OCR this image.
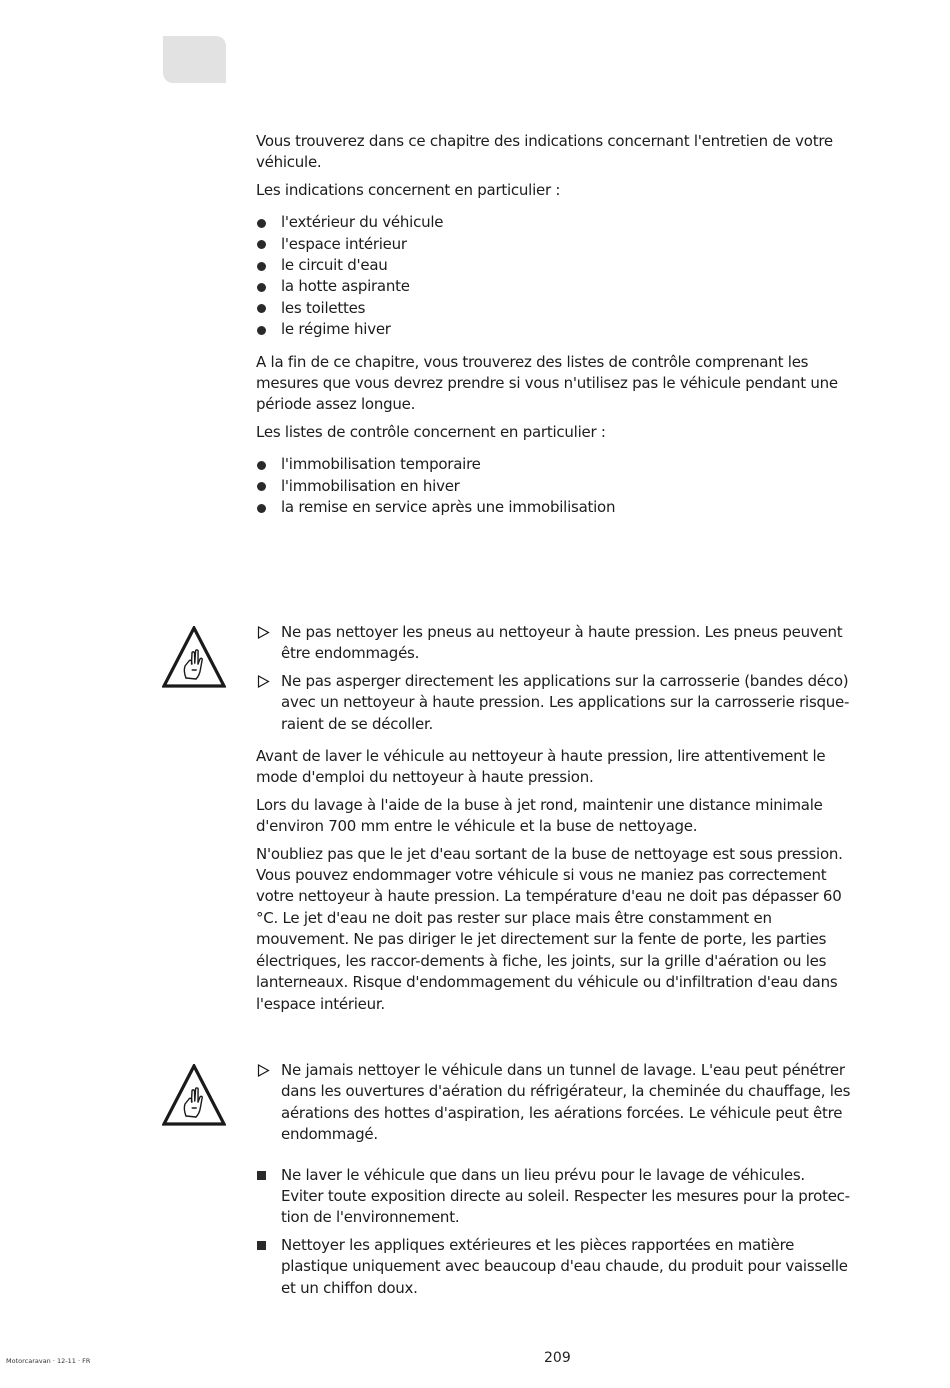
Vous trouverez dans ce chapitre des indications concernant l'entretien de votre véhicule.

Les indications concernent en particulier :

l'extérieur du véhicule
l'espace intérieur
le circuit d'eau
la hotte aspirante
les toilettes
le régime hiver

A la fin de ce chapitre, vous trouverez des listes de contrôle comprenant les mesures que vous devrez prendre si vous n'utilisez pas le véhicule pendant une période assez longue.

Les listes de contrôle concernent en particulier :

l'immobilisation temporaire
l'immobilisation en hiver
la remise en service après une immobilisation
Ne pas nettoyer les pneus au nettoyeur à haute pression. Les pneus peuvent être endommagés.
Ne pas asperger directement les applications sur la carrosserie (bandes déco) avec un nettoyeur à haute pression. Les applications sur la carrosserie risque-raient de se décoller.

Avant de laver le véhicule au nettoyeur à haute pression, lire attentivement le mode d'emploi du nettoyeur à haute pression.

Lors du lavage à l'aide de la buse à jet rond, maintenir une distance minimale d'environ 700 mm entre le véhicule et la buse de nettoyage.

N'oubliez pas que le jet d'eau sortant de la buse de nettoyage est sous pression. Vous pouvez endommager votre véhicule si vous ne maniez pas correctement votre nettoyeur à haute pression. La température d'eau ne doit pas dépasser 60 °C. Le jet d'eau ne doit pas rester sur place mais être constamment en mouvement. Ne pas diriger le jet directement sur la fente de porte, les parties électriques, les raccor-dements à fiche, les joints, sur la grille d'aération ou les lanterneaux. Risque d'endommagement du véhicule ou d'infiltration d'eau dans l'espace intérieur.

Ne jamais nettoyer le véhicule dans un tunnel de lavage. L'eau peut pénétrer dans les ouvertures d'aération du réfrigérateur, la cheminée du chauffage, les aérations des hottes d'aspiration, les aérations forcées. Le véhicule peut être endommagé.
Ne laver le véhicule que dans un lieu prévu pour le lavage de véhicules.
Eviter toute exposition directe au soleil. Respecter les mesures pour la protec-tion de l'environnement.
Nettoyer les appliques extérieures et les pièces rapportées en matière plastique uniquement avec beaucoup d'eau chaude, du produit pour vaisselle et un chiffon doux.
Motorcaravan · 12-11 · FR	209
